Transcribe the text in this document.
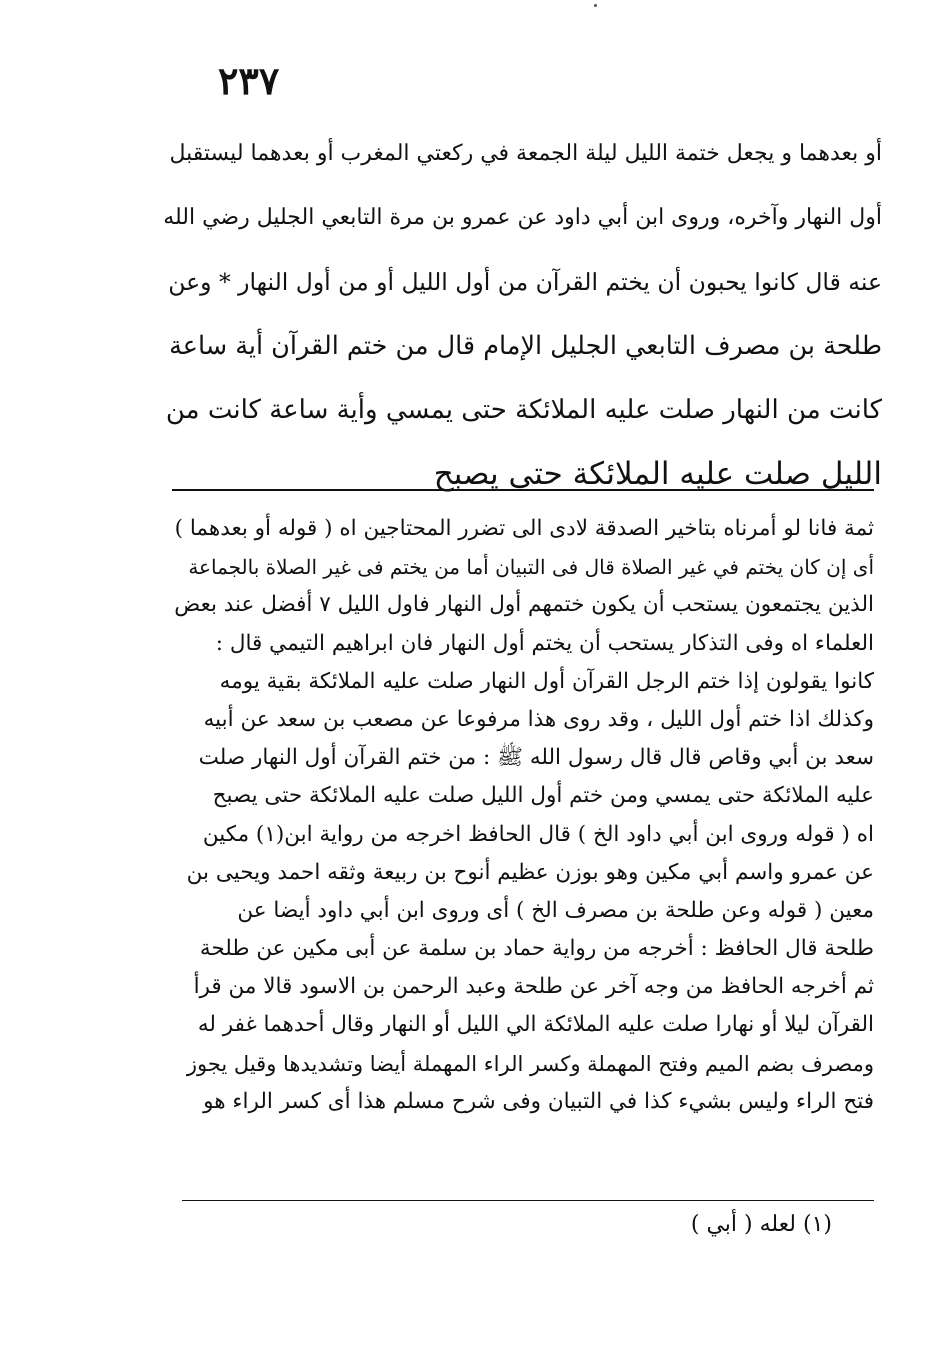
٢٣٧
أو بعدهما و يجعل ختمة الليل ليلة الجمعة في ركعتي المغرب أو بعدهما ليستقبل
أول النهار وآخره، وروى ابن أبي داود عن عمرو بن مرة التابعي الجليل رضي الله
عنه قال كانوا يحبون أن يختم القرآن من أول الليل أو من أول النهار * وعن
طلحة بن مصرف التابعي الجليل الإمام قال من ختم القرآن أية ساعة
كانت من النهار صلت عليه الملائكة حتى يمسي وأية ساعة كانت من
الليل صلت عليه الملائكة حتى يصبح
ثمة فانا لو أمرناه بتاخير الصدقة لادى الى تضرر المحتاجين اه ( قوله أو بعدهما )
أى إن كان يختم في غير الصلاة قال فى التبيان أما من يختم فى غير الصلاة بالجماعة
الذين يجتمعون يستحب أن يكون ختمهم أول النهار فاول الليل ٧ أفضل عند بعض
العلماء اه وفى التذكار يستحب أن يختم أول النهار فان ابراهيم التيمي قال :
كانوا يقولون إذا ختم الرجل القرآن أول النهار صلت عليه الملائكة بقية يومه
وكذلك اذا ختم أول الليل ، وقد روى هذا مرفوعا عن مصعب بن سعد عن أبيه
سعد بن أبي وقاص قال قال رسول الله ﷺ : من ختم القرآن أول النهار صلت
عليه الملائكة حتى يمسي ومن ختم أول الليل صلت عليه الملائكة حتى يصبح
اه ( قوله وروى ابن أبي داود الخ ) قال الحافظ اخرجه من رواية ابن(١) مكين
عن عمرو واسم أبي مكين وهو بوزن عظيم أنوح بن ربيعة وثقه احمد ويحيى بن
معين ( قوله وعن طلحة بن مصرف الخ ) أى وروى ابن أبي داود أيضا عن
طلحة قال الحافظ : أخرجه من رواية حماد بن سلمة عن أبى مكين عن طلحة
ثم أخرجه الحافظ من وجه آخر عن طلحة وعبد الرحمن بن الاسود قالا من قرأ
القرآن ليلا أو نهارا صلت عليه الملائكة الي الليل أو النهار وقال أحدهما غفر له
ومصرف بضم الميم وفتح المهملة وكسر الراء المهملة أيضا وتشديدها وقيل يجوز
فتح الراء وليس بشيء كذا في التبيان وفى شرح مسلم هذا أى كسر الراء هو
(١) لعله ( أبي )
